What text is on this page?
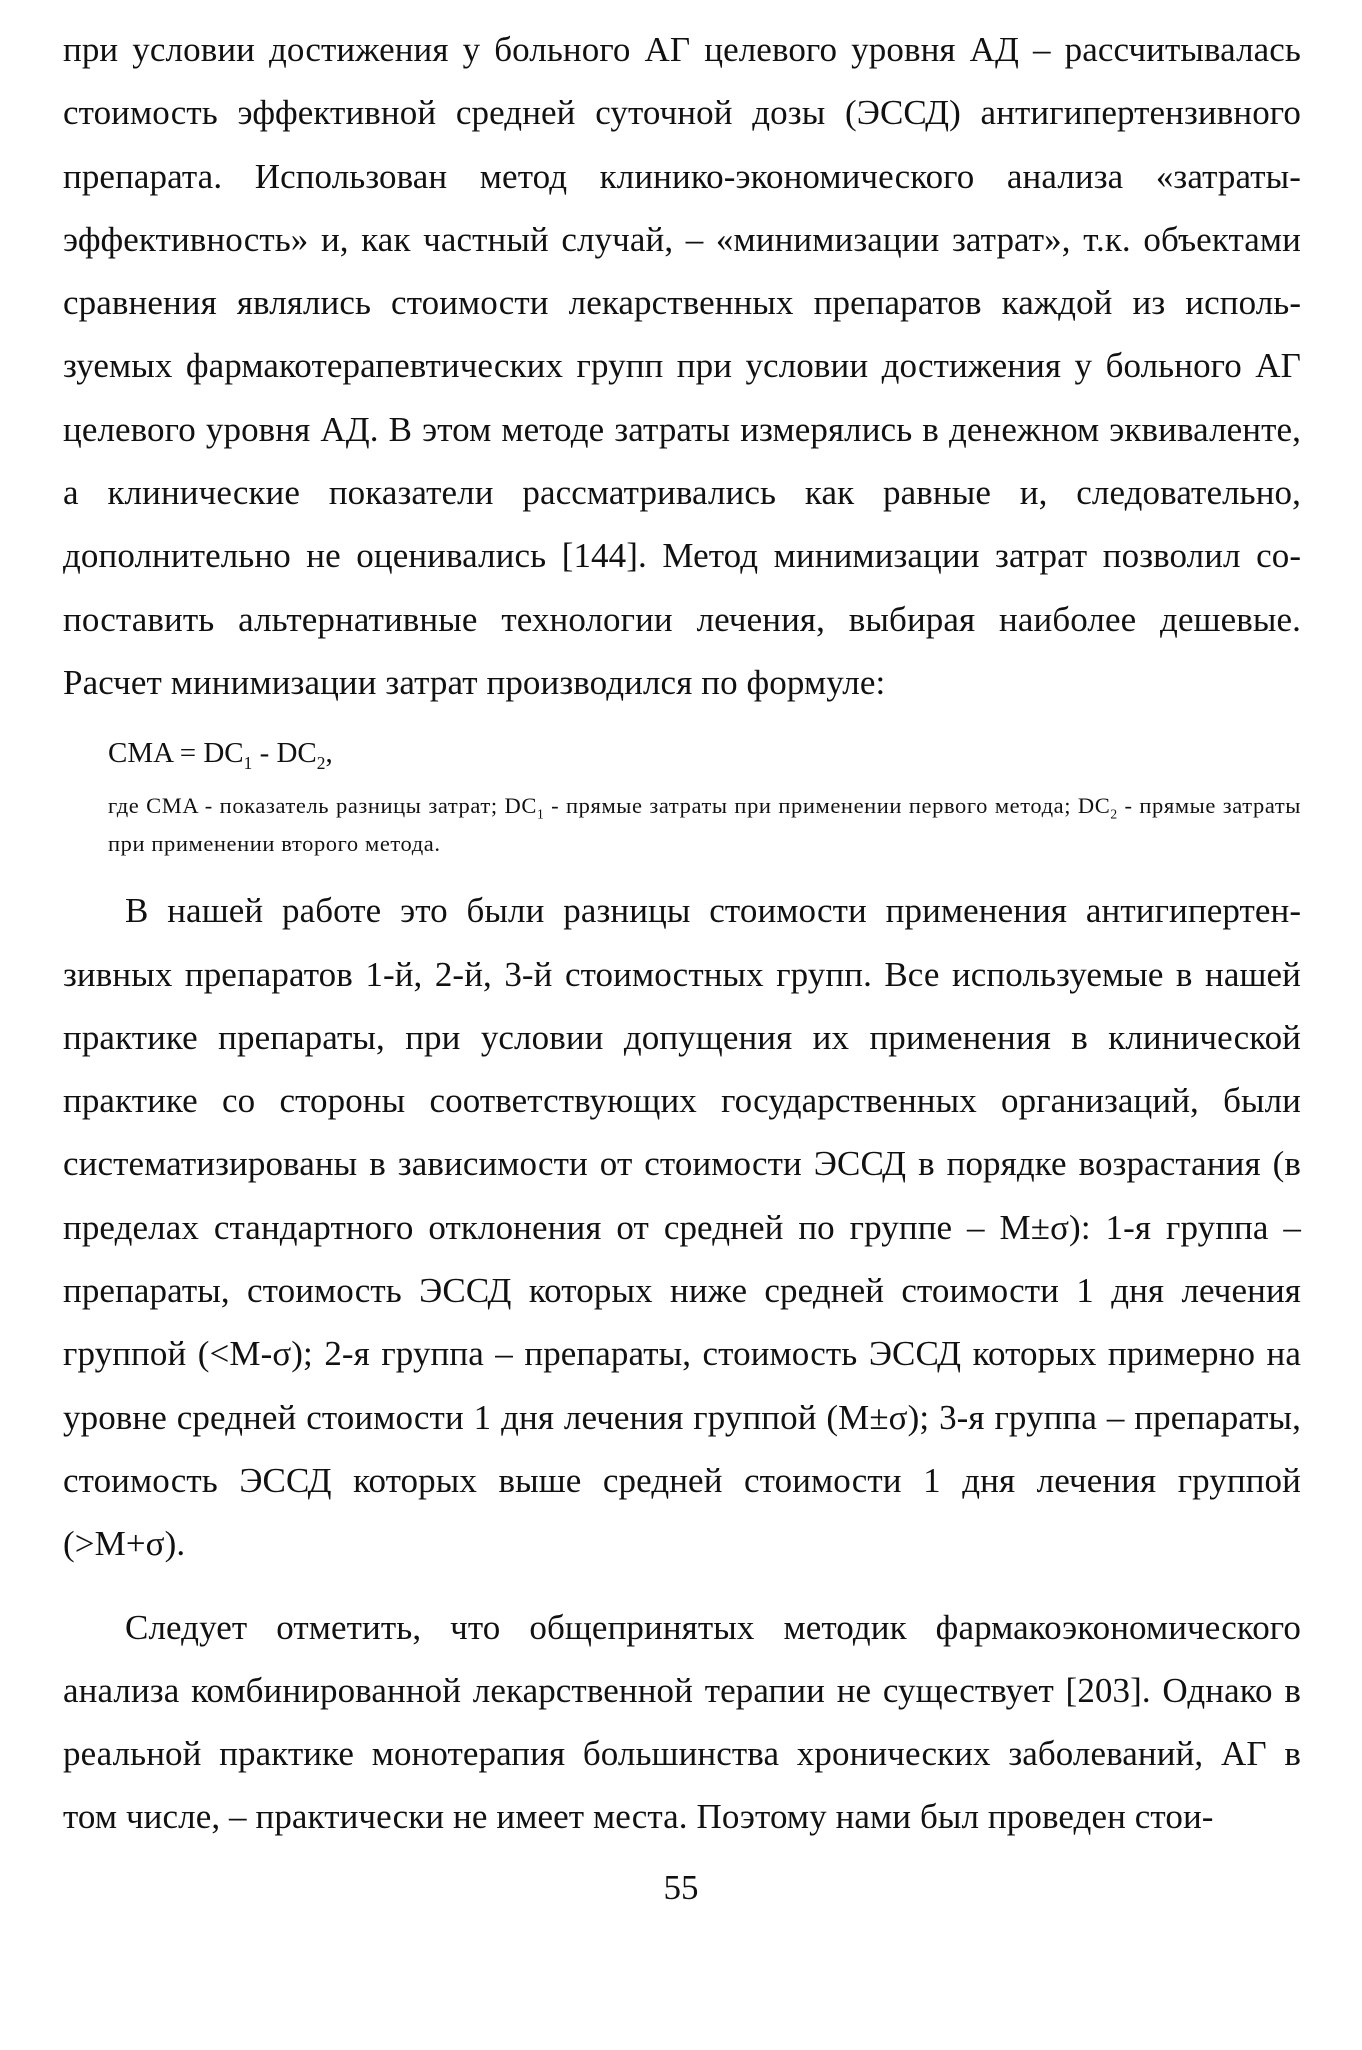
при условии достижения у больного АГ целевого уровня АД – рассчитывалась стоимость эффективной средней суточной дозы (ЭССД) антигипертензивного препарата. Использован метод клинико-экономического анализа «затраты-эффективность» и, как частный случай, – «минимизации затрат», т.к. объектами сравнения являлись стоимости лекарственных препаратов каждой из используемых фармакотерапевтических групп при условии достижения у больного АГ целевого уровня АД. В этом методе затраты измерялись в денежном эквиваленте, а клинические показатели рассматривались как равные и, следовательно, дополнительно не оценивались [144]. Метод минимизации затрат позволил сопоставить альтернативные технологии лечения, выбирая наиболее дешевые. Расчет минимизации затрат производился по формуле:

CMA = $DC_1 - DC_2$,

где CMA - показатель разницы затрат; $DC_1$ - прямые затраты при применении первого метода; $DC_2$ - прямые затраты при применении второго метода.

В нашей работе это были разницы стоимости применения антигипертензивных препаратов 1-й, 2-й, 3-й стоимостных групп. Все используемые в нашей практике препараты, при условии допущения их применения в клинической практике со стороны соответствующих государственных организаций, были систематизированы в зависимости от стоимости ЭССД в порядке возрастания (в пределах стандартного отклонения от средней по группе – M±σ): 1-я группа – препараты, стоимость ЭССД которых ниже средней стоимости 1 дня лечения группой (<M-σ); 2-я группа – препараты, стоимость ЭССД которых примерно на уровне средней стоимости 1 дня лечения группой (M±σ); 3-я группа – препараты, стоимость ЭССД которых выше средней стоимости 1 дня лечения группой (>M+σ).

Следует отметить, что общепринятых методик фармакоэкономического анализа комбинированной лекарственной терапии не существует [203]. Однако в реальной практике монотерапия большинства хронических заболеваний, АГ в том числе, – практически не имеет места. Поэтому нами был проведен стои-

55
